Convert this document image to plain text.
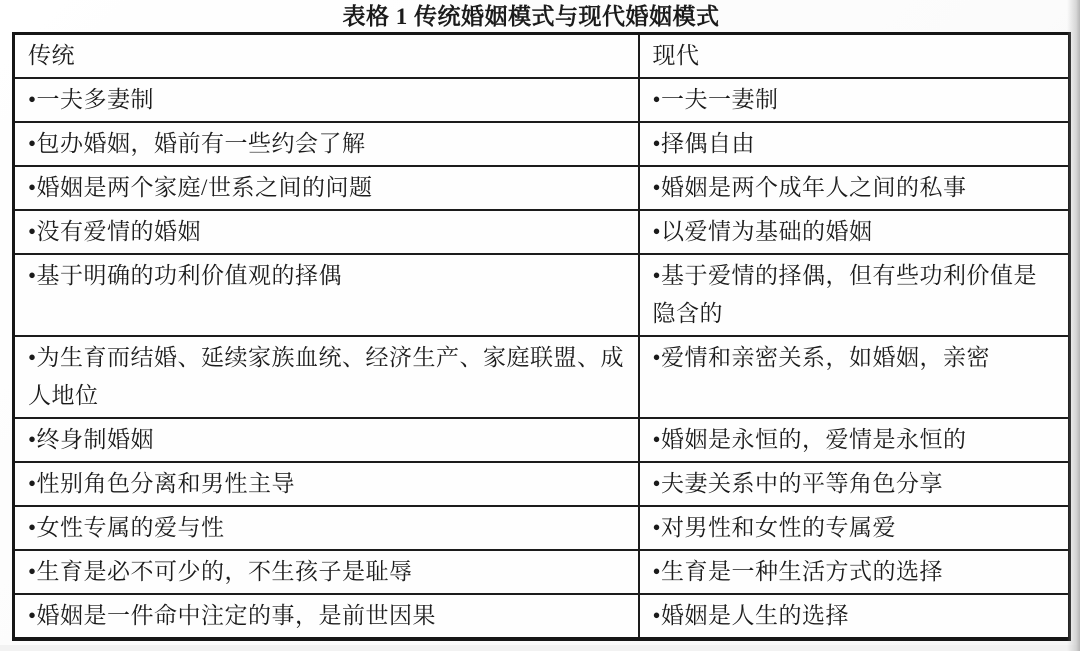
表格 1 传统婚姻模式与现代婚姻模式
传统	现代
•一夫多妻制	•一夫一妻制
•包办婚姻，婚前有一些约会了解	•择偶自由
•婚姻是两个家庭/世系之间的问题	•婚姻是两个成年人之间的私事
•没有爱情的婚姻	•以爱情为基础的婚姻
•基于明确的功利价值观的择偶	•基于爱情的择偶，但有些功利价值是隐含的
•为生育而结婚、延续家族血统、经济生产、家庭联盟、成人地位	•爱情和亲密关系，如婚姻，亲密
•终身制婚姻	•婚姻是永恒的，爱情是永恒的
•性别角色分离和男性主导	•夫妻关系中的平等角色分享
•女性专属的爱与性	•对男性和女性的专属爱
•生育是必不可少的，不生孩子是耻辱	•生育是一种生活方式的选择
•婚姻是一件命中注定的事，是前世因果	•婚姻是人生的选择
